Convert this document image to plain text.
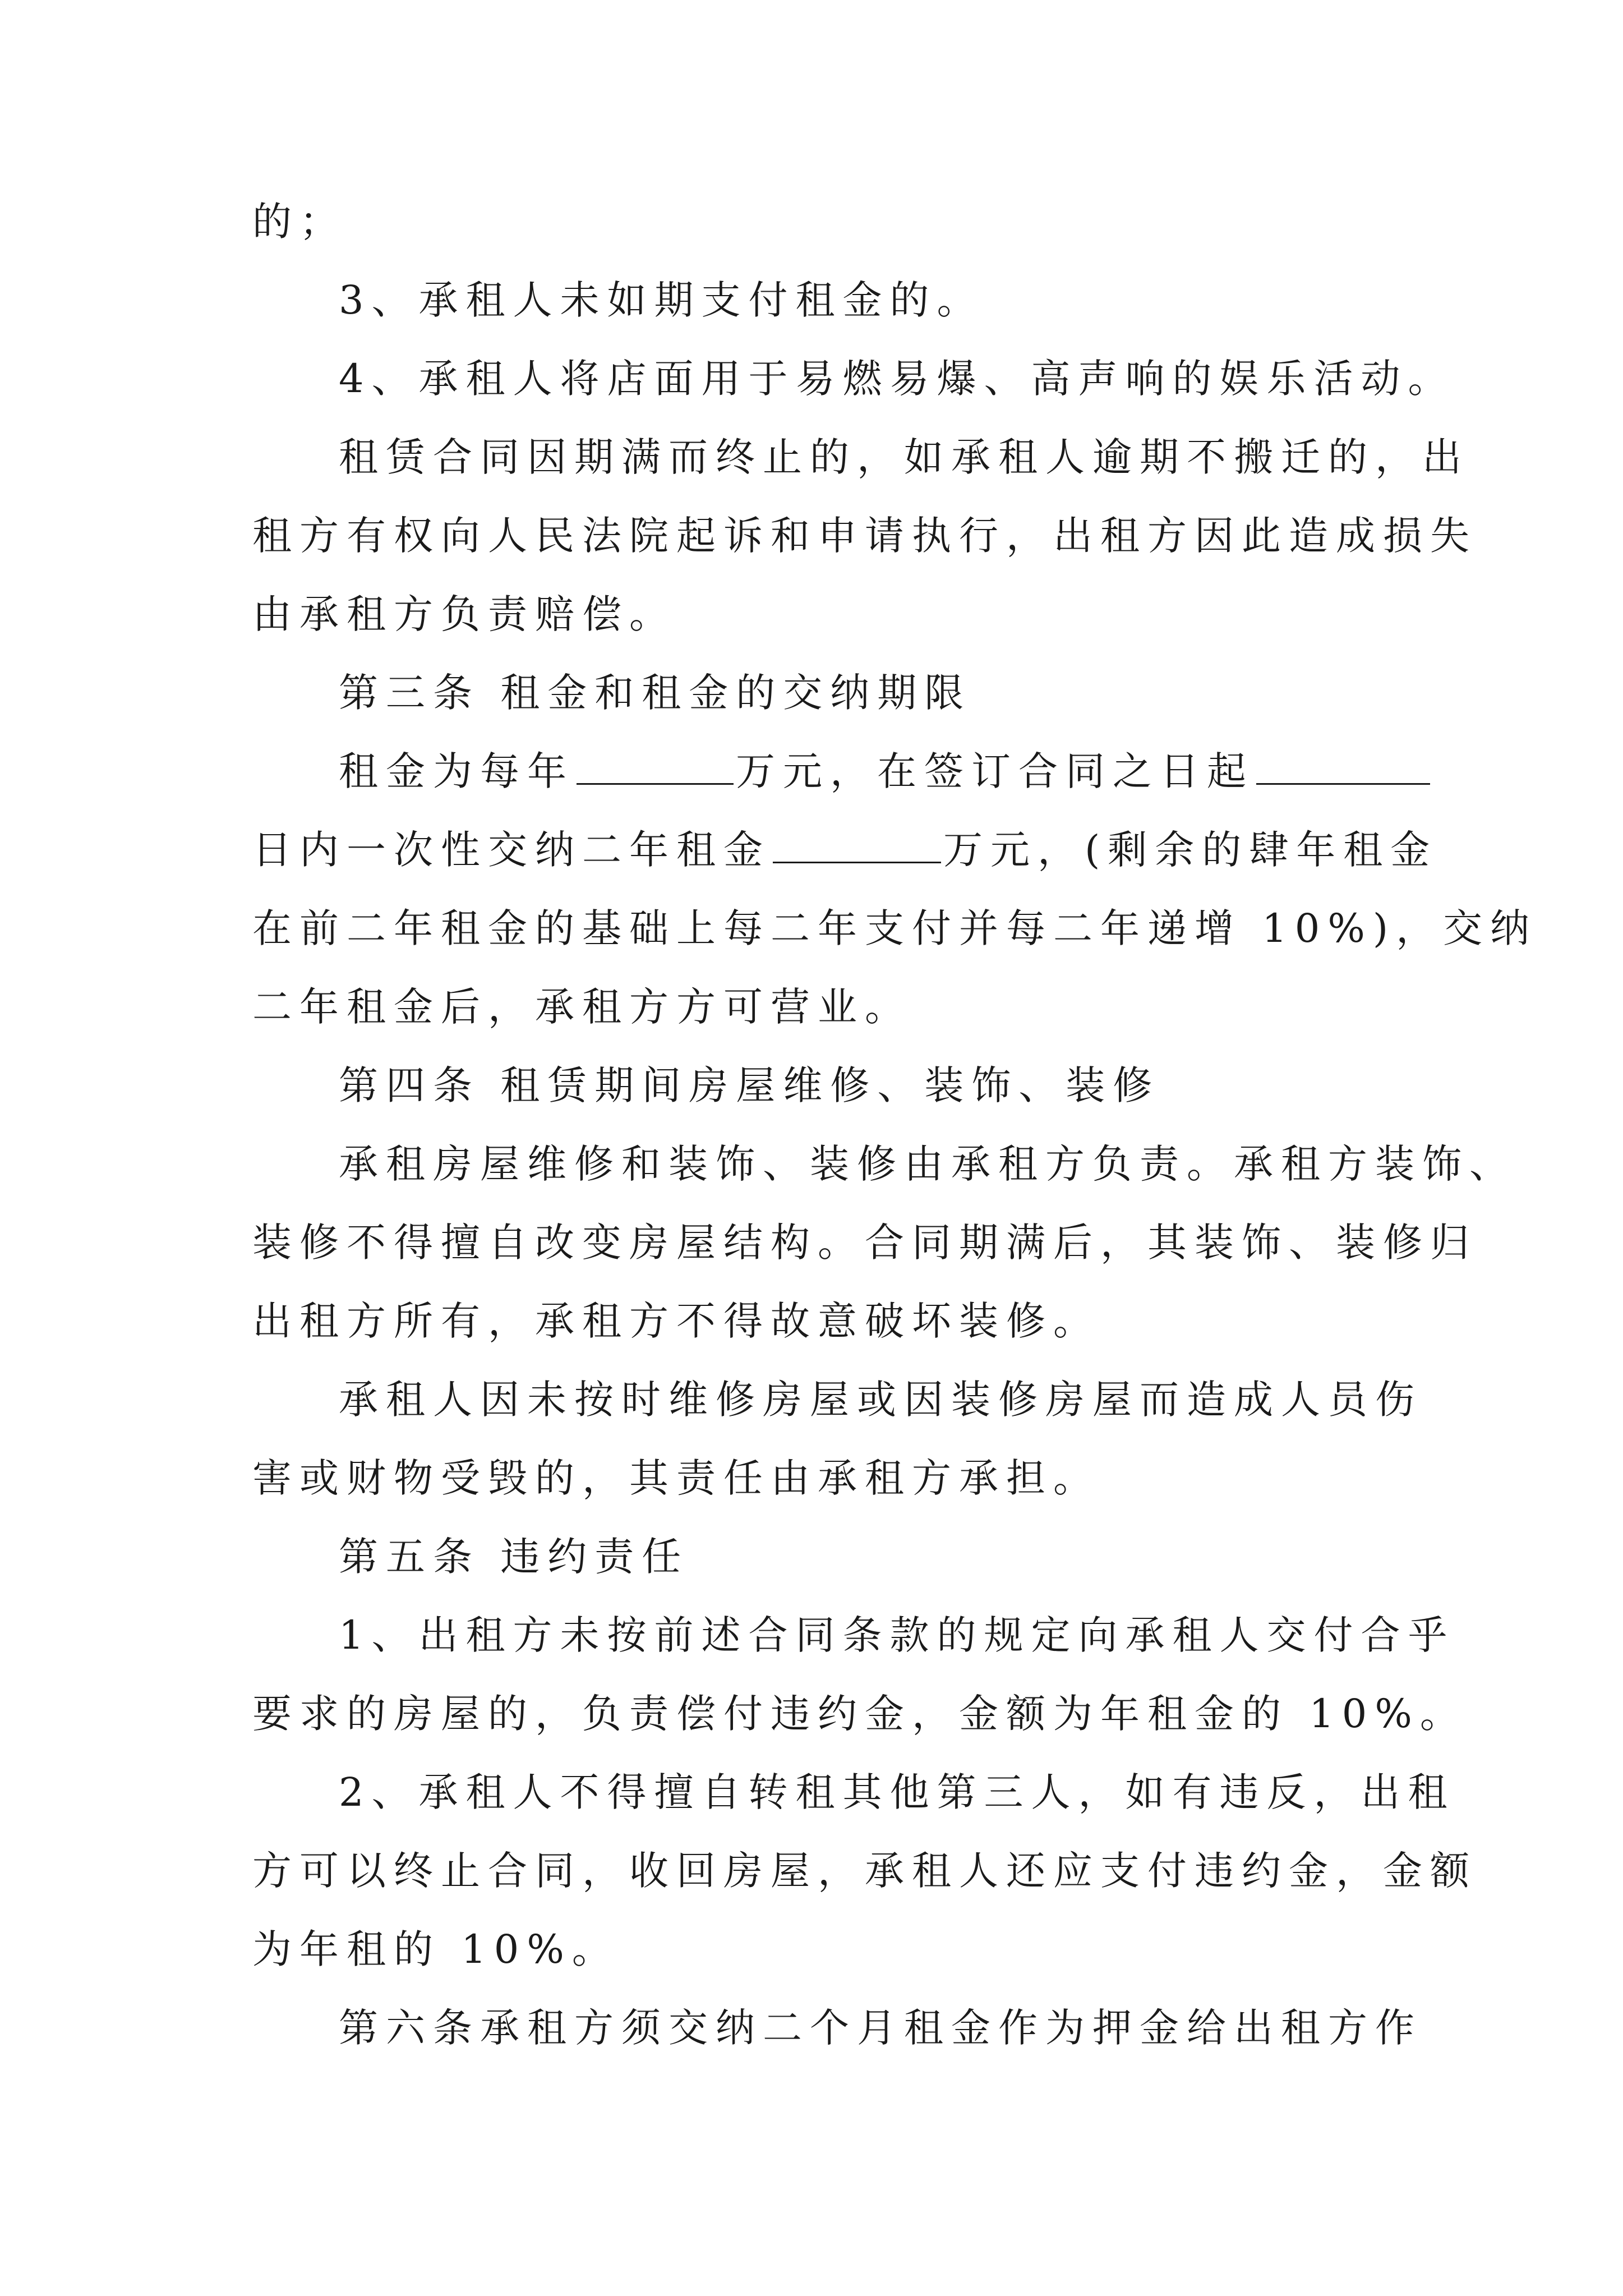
的；
3、承租人未如期支付租金的。
4、承租人将店面用于易燃易爆、高声响的娱乐活动。
租赁合同因期满而终止的，如承租人逾期不搬迁的，出
租方有权向人民法院起诉和申请执行，出租方因此造成损失
由承租方负责赔偿。
第三条 租金和租金的交纳期限
租金为每年	万元，在签订合同之日起
日内一次性交纳二年租金	万元，(剩余的肆年租金
在前二年租金的基础上每二年支付并每二年递增 10%)，交纳
二年租金后，承租方方可营业。
第四条 租赁期间房屋维修、装饰、装修
承租房屋维修和装饰、装修由承租方负责。承租方装饰、
装修不得擅自改变房屋结构。合同期满后，其装饰、装修归
出租方所有，承租方不得故意破坏装修。
承租人因未按时维修房屋或因装修房屋而造成人员伤
害或财物受毁的，其责任由承租方承担。
第五条 违约责任
1、出租方未按前述合同条款的规定向承租人交付合乎
要求的房屋的，负责偿付违约金，金额为年租金的 10%。
2、承租人不得擅自转租其他第三人，如有违反，出租
方可以终止合同，收回房屋，承租人还应支付违约金，金额
为年租的 10%。
第六条承租方须交纳二个月租金作为押金给出租方作
